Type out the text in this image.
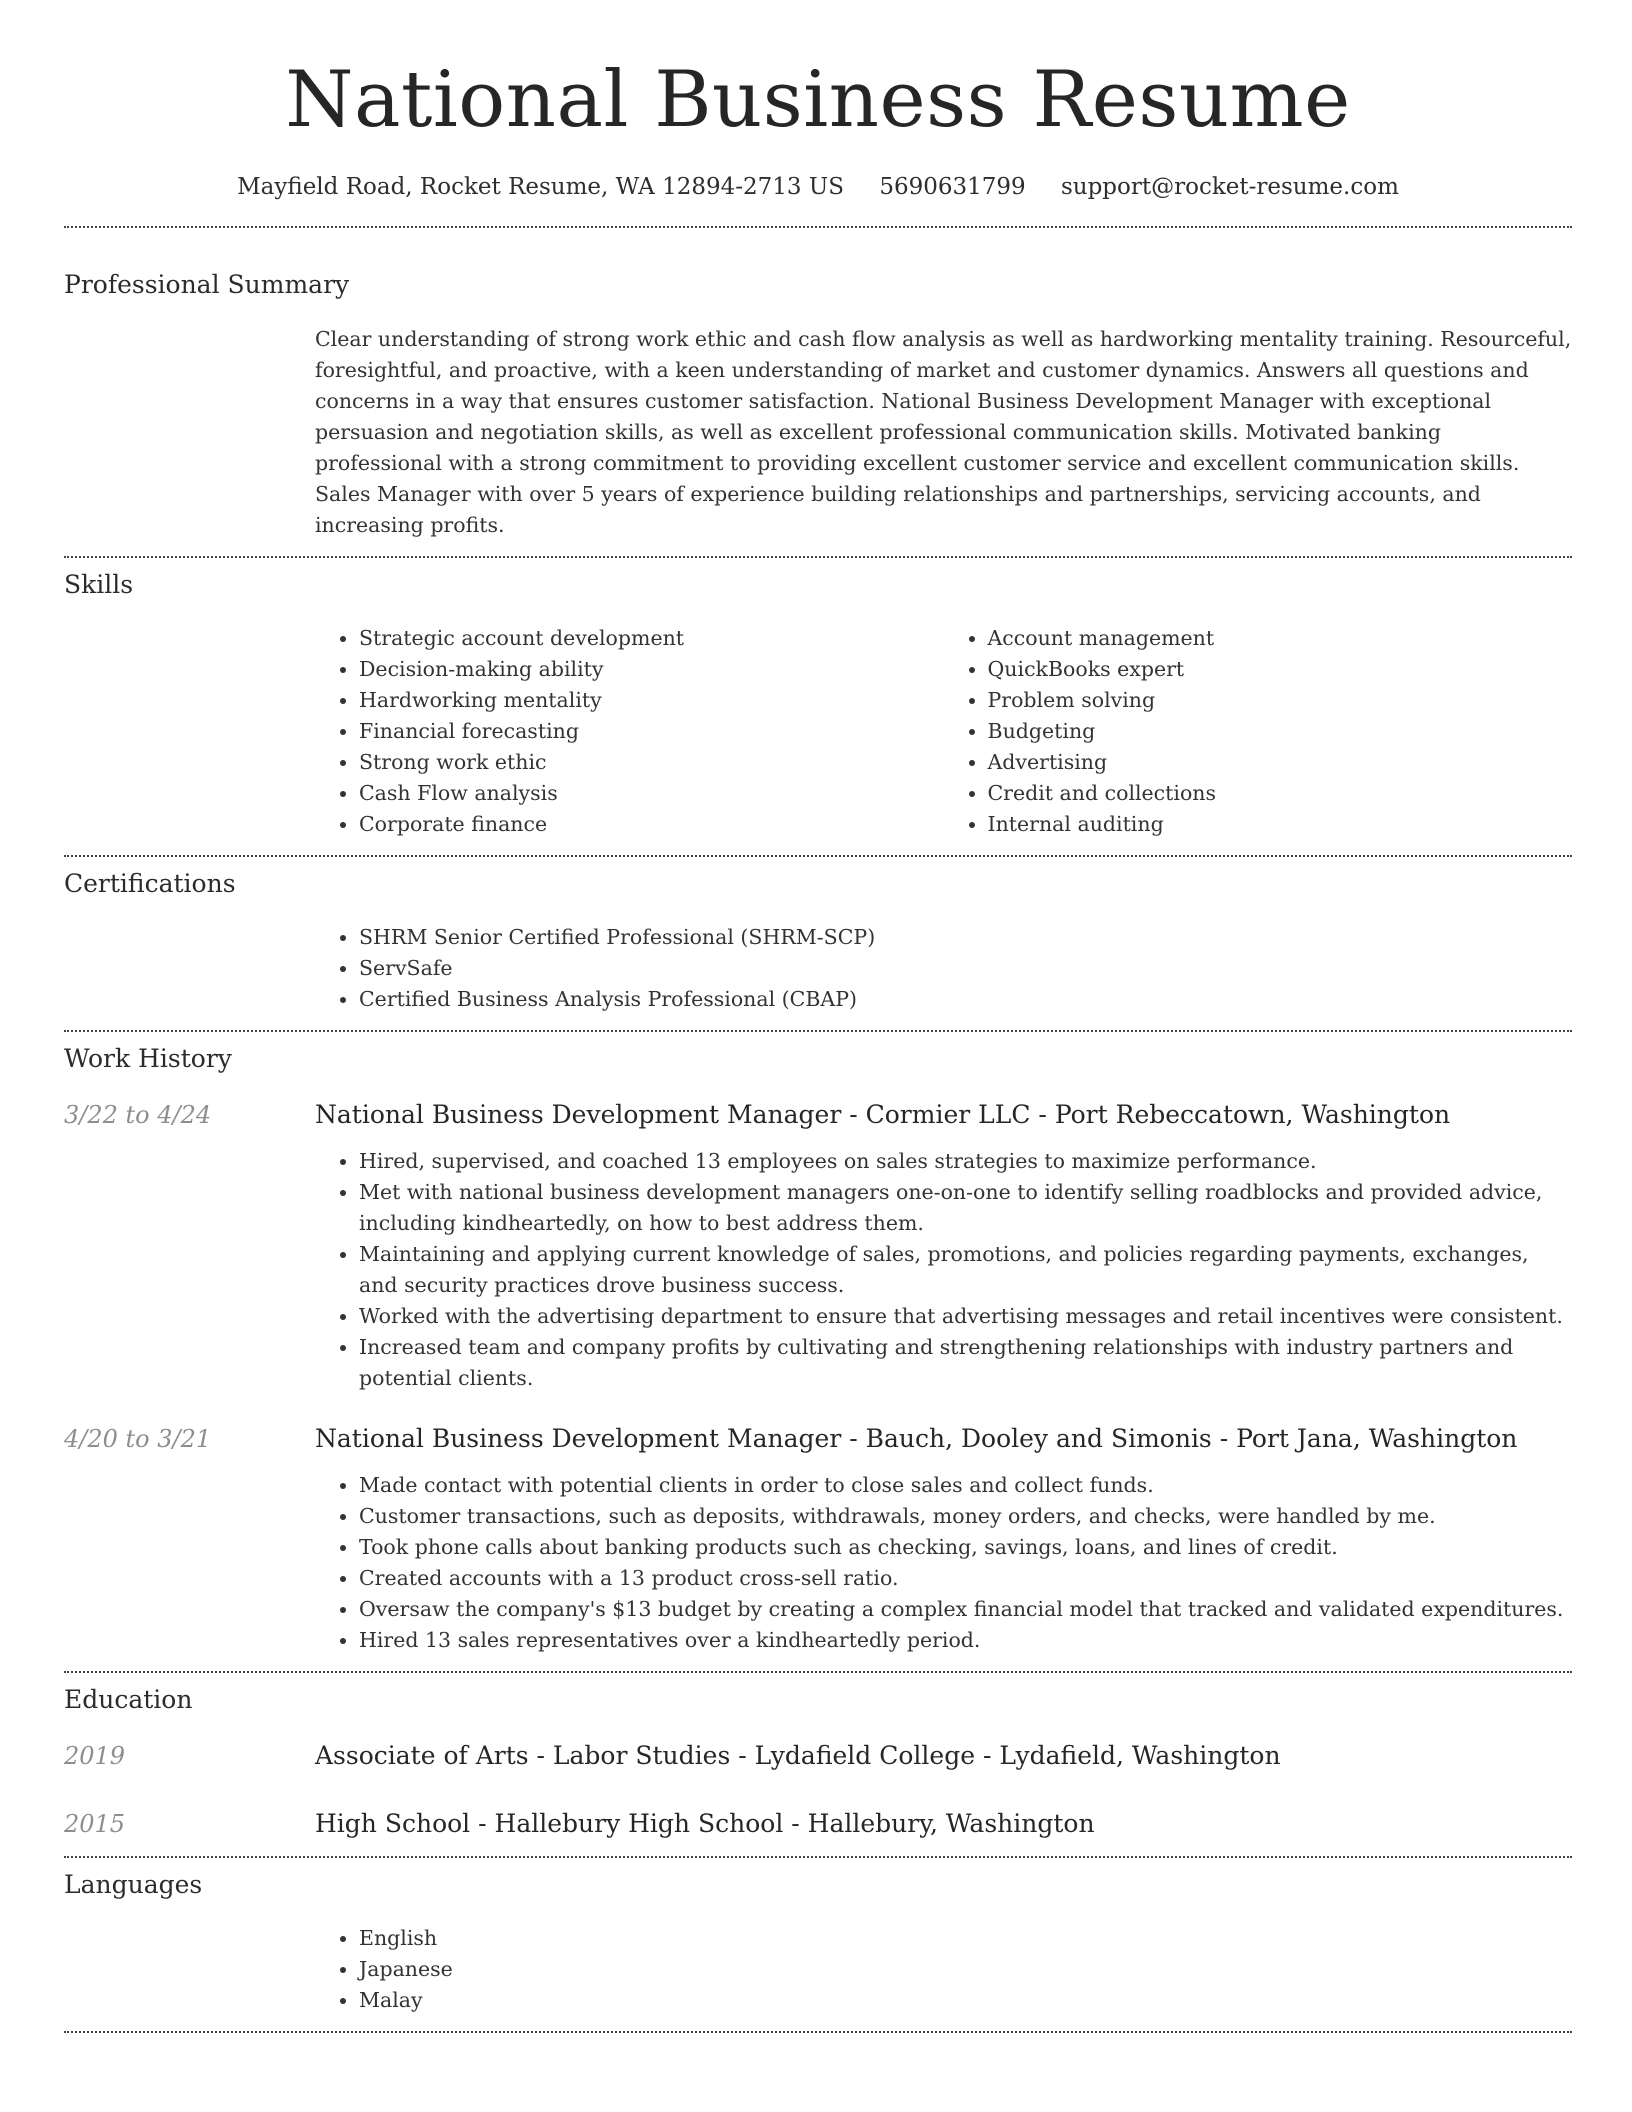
National Business Resume
Mayfield Road, Rocket Resume, WA 12894-2713 US 5690631799 support@rocket-resume.com
Professional Summary
Clear understanding of strong work ethic and cash flow analysis as well as hardworking mentality training. Resourceful, foresightful, and proactive, with a keen understanding of market and customer dynamics. Answers all questions and concerns in a way that ensures customer satisfaction. National Business Development Manager with exceptional persuasion and negotiation skills, as well as excellent professional communication skills. Motivated banking professional with a strong commitment to providing excellent customer service and excellent communication skills. Sales Manager with over 5 years of experience building relationships and partnerships, servicing accounts, and increasing profits.
Skills
• Strategic account development
• Decision-making ability
• Hardworking mentality
• Financial forecasting
• Strong work ethic
• Cash Flow analysis
• Corporate finance
• Account management
• QuickBooks expert
• Problem solving
• Budgeting
• Advertising
• Credit and collections
• Internal auditing
Certifications
• SHRM Senior Certified Professional (SHRM-SCP)
• ServSafe
• Certified Business Analysis Professional (CBAP)
Work History
3/22 to 4/24	National Business Development Manager - Cormier LLC - Port Rebeccatown, Washington
• Hired, supervised, and coached 13 employees on sales strategies to maximize performance.
• Met with national business development managers one-on-one to identify selling roadblocks and provided advice, including kindheartedly, on how to best address them.
• Maintaining and applying current knowledge of sales, promotions, and policies regarding payments, exchanges, and security practices drove business success.
• Worked with the advertising department to ensure that advertising messages and retail incentives were consistent.
• Increased team and company profits by cultivating and strengthening relationships with industry partners and potential clients.
4/20 to 3/21	National Business Development Manager - Bauch, Dooley and Simonis - Port Jana, Washington
• Made contact with potential clients in order to close sales and collect funds.
• Customer transactions, such as deposits, withdrawals, money orders, and checks, were handled by me.
• Took phone calls about banking products such as checking, savings, loans, and lines of credit.
• Created accounts with a 13 product cross-sell ratio.
• Oversaw the company's $13 budget by creating a complex financial model that tracked and validated expenditures.
• Hired 13 sales representatives over a kindheartedly period.
Education
2019	Associate of Arts - Labor Studies - Lydafield College - Lydafield, Washington
2015	High School - Hallebury High School - Hallebury, Washington
Languages
• English
• Japanese
• Malay
